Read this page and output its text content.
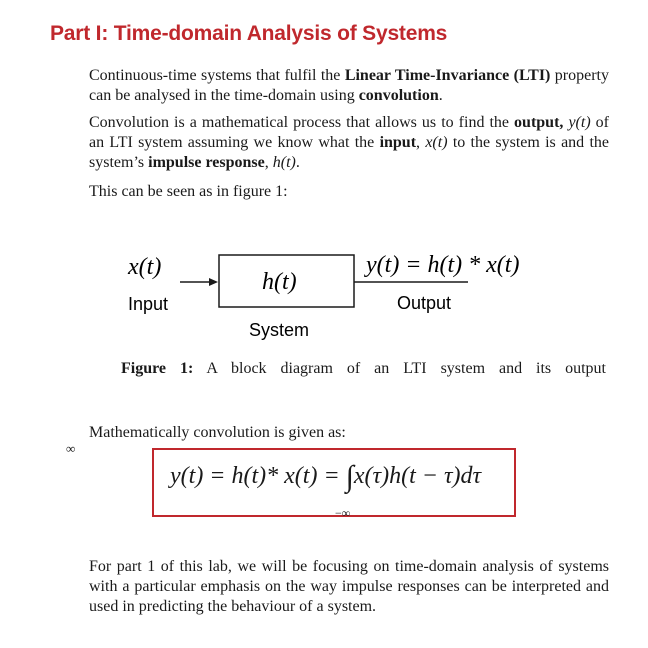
Part I: Time-domain Analysis of Systems

Continuous-time systems that fulfil the Linear Time-Invariance (LTI) property can be analysed in the time-domain using convolution.

Convolution is a mathematical process that allows us to find the output, y(t) of an LTI system assuming we know what the input, x(t) to the system is and the system’s impulse response, h(t).

This can be seen as in figure 1:

x(t)
Input
h(t)
y(t) = h(t) * x(t)
Output
System

Figure 1: A block diagram of an LTI system and its output

Mathematically convolution is given as:

∞
y(t) = h(t)* x(t) = ∫x(τ)h(t − τ)dτ
−∞

For part 1 of this lab, we will be focusing on time-domain analysis of systems with a particular emphasis on the way impulse responses can be interpreted and used in predicting the behaviour of a system.
